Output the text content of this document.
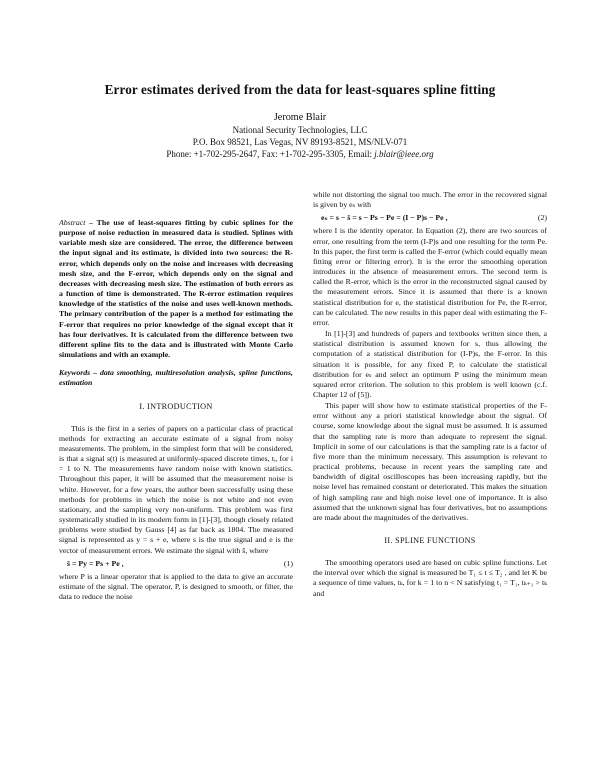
Error estimates derived from the data for least-squares spline fitting
Jerome Blair
National Security Technologies, LLC
P.O. Box 98521, Las Vegas, NV 89193-8521, MS/NLV-071
Phone: +1-702-295-2647, Fax: +1-702-295-3305, Email: j.blair@ieee.org

Abstract – The use of least-squares fitting by cubic splines for the purpose of noise reduction in measured data is studied. Splines with variable mesh size are considered. The error, the difference between the input signal and its estimate, is divided into two sources: the R-error, which depends only on the noise and increases with decreasing mesh size, and the F-error, which depends only on the signal and decreases with decreasing mesh size. The estimation of both errors as a function of time is demonstrated. The R-error estimation requires knowledge of the statistics of the noise and uses well-known methods. The primary contribution of the paper is a method for estimating the F-error that requires no prior knowledge of the signal except that it has four derivatives. It is calculated from the difference between two different spline fits to the data and is illustrated with Monte Carlo simulations and with an example.

Keywords – data smoothing, multiresolution analysis, spline functions, estimation

I. INTRODUCTION

This is the first in a series of papers on a particular class of practical methods for extracting an accurate estimate of a signal from noisy measurements. The problem, in the simplest form that will be considered, is that a signal s(t) is measured at uniformly-spaced discrete times, tᵢ, for i = 1 to N. The measurements have random noise with known statistics. Throughout this paper, it will be assumed that the measurement noise is white. However, for a few years, the author been successfully using these methods for problems in which the noise is not white and not even stationary, and the sampling very non-uniform. This problem was first systematically studied in its modern form in [1]-[3], though closely related problems were studied by Gauss [4] as far back as 1804. The measured signal is represented as y = s + e, where s is the true signal and e is the vector of measurement errors. We estimate the signal with ŝ, where

ŝ = Py = Ps + Pe ,	(1)

where P is a linear operator that is applied to the data to give an accurate estimate of the signal. The operator, P, is designed to smooth, or filter, the data to reduce the noise

while not distorting the signal too much. The error in the recovered signal is given by eₛ with

eₛ = s − ŝ = s − Ps − Pe = (I − P)s − Pe ,	(2)

where I is the identity operator. In Equation (2), there are two sources of error, one resulting from the term (I-P)s and one resulting for the term Pe. In this paper, the first term is called the F-error (which could equally mean fitting error or filtering error). It is the error the smoothing operation introduces in the absence of measurement errors. The second term is called the R-error, which is the error in the reconstructed signal caused by the measurement errors. Since it is assumed that there is a known statistical distribution for e, the statistical distribution for Pe, the R-error, can be calculated. The new results in this paper deal with estimating the F-error.

In [1]-[3] and hundreds of papers and textbooks written since then, a statistical distribution is assumed known for s, thus allowing the computation of a statistical distribution for (I-P)s, the F-error. In this situation it is possible, for any fixed P, to calculate the statistical distribution for eₛ and select an optimum P using the minimum mean squared error criterion. The solution to this problem is well known (c.f. Chapter 12 of [5]).

This paper will show how to estimate statistical properties of the F-error without any a priori statistical knowledge about the signal. Of course, some knowledge about the signal must be assumed. It is assumed that the sampling rate is more than adequate to represent the signal. Implicit in some of our calculations is that the sampling rate is a factor of five more than the minimum necessary. This assumption is relevant to practical problems, because in recent years the sampling rate and bandwidth of digital oscilloscopes has been increasing rapidly, but the noise level has remained constant or deteriorated. This makes the situation of high sampling rate and high noise level one of importance. It is also assumed that the unknown signal has four derivatives, but no assumptions are made about the magnitudes of the derivatives.

II. SPLINE FUNCTIONS

The smoothing operators used are based on cubic spline functions. Let the interval over which the signal is measured be T₁ ≤ t ≤ T₂ , and let K be a sequence of time values, tₖ, for k = 1 to n < N satisfying t₁ = T₁, tₖ₊₁ > tₖ and
